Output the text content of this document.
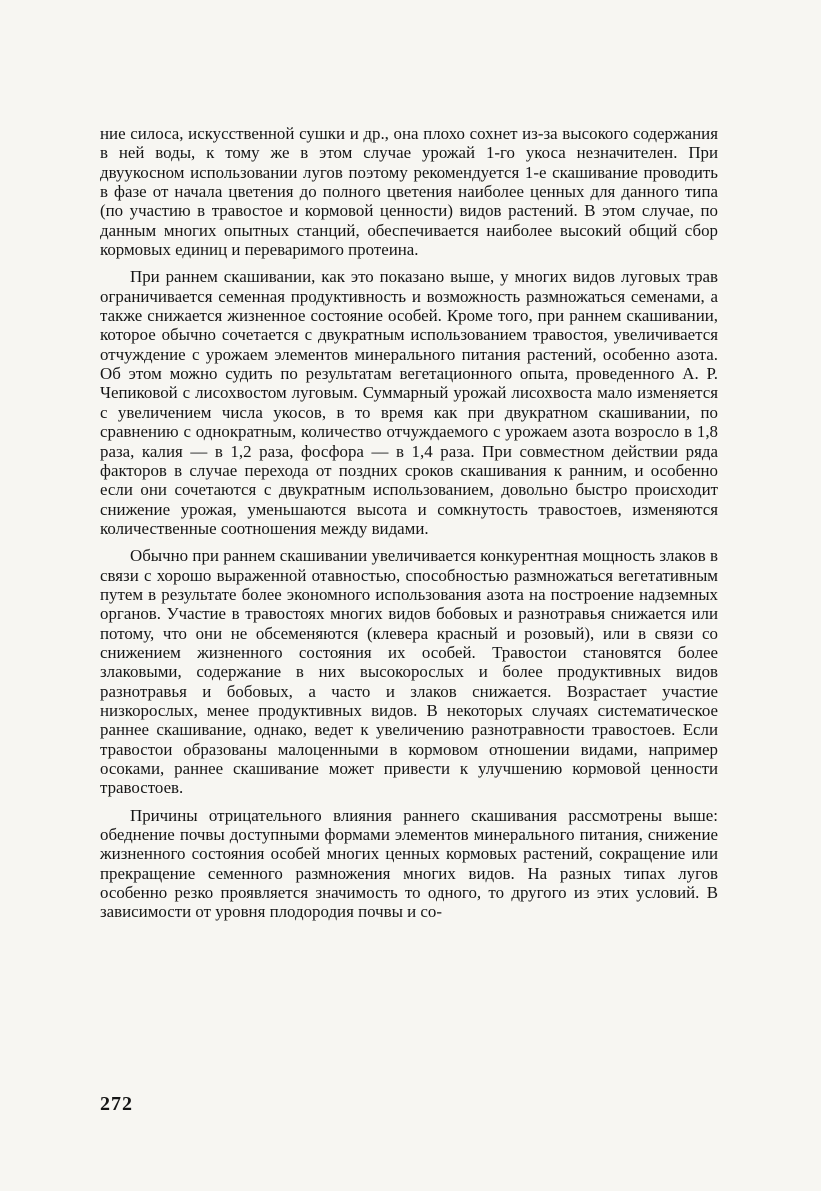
ние силоса, искусственной сушки и др., она плохо сохнет из-за высокого содержания в ней воды, к тому же в этом случае урожай 1-го укоса незначителен. При двуукосном использовании лугов поэтому рекомендуется 1-е скашивание проводить в фазе от начала цветения до полного цветения наиболее ценных для данного типа (по участию в травостое и кормовой ценности) видов растений. В этом случае, по данным многих опытных станций, обеспечивается наиболее высокий общий сбор кормовых единиц и переваримого протеина.

При раннем скашивании, как это показано выше, у многих видов луговых трав ограничивается семенная продуктивность и возможность размножаться семенами, а также снижается жизненное состояние особей. Кроме того, при раннем скашивании, которое обычно сочетается с двукратным использованием травостоя, увеличивается отчуждение с урожаем элементов минерального питания растений, особенно азота. Об этом можно судить по результатам вегетационного опыта, проведенного А. Р. Чепиковой с лисохвостом луговым. Суммарный урожай лисохвоста мало изменяется с увеличением числа укосов, в то время как при двукратном скашивании, по сравнению с однократным, количество отчуждаемого с урожаем азота возросло в 1,8 раза, калия — в 1,2 раза, фосфора — в 1,4 раза. При совместном действии ряда факторов в случае перехода от поздних сроков скашивания к ранним, и особенно если они сочетаются с двукратным использованием, довольно быстро происходит снижение урожая, уменьшаются высота и сомкнутость травостоев, изменяются количественные соотношения между видами.

Обычно при раннем скашивании увеличивается конкурентная мощность злаков в связи с хорошо выраженной отавностью, способностью размножаться вегетативным путем в результате более экономного использования азота на построение надземных органов. Участие в травостоях многих видов бобовых и разнотравья снижается или потому, что они не обсеменяются (клевера красный и розовый), или в связи со снижением жизненного состояния их особей. Травостои становятся более злаковыми, содержание в них высокорослых и более продуктивных видов разнотравья и бобовых, а часто и злаков снижается. Возрастает участие низкорослых, менее продуктивных видов. В некоторых случаях систематическое раннее скашивание, однако, ведет к увеличению разнотравности травостоев. Если травостои образованы малоценными в кормовом отношении видами, например осоками, раннее скашивание может привести к улучшению кормовой ценности травостоев.

Причины отрицательного влияния раннего скашивания рассмотрены выше: обеднение почвы доступными формами элементов минерального питания, снижение жизненного состояния особей многих ценных кормовых растений, сокращение или прекращение семенного размножения многих видов. На разных типах лугов особенно резко проявляется значимость то одного, то другого из этих условий. В зависимости от уровня плодородия почвы и со-

272
